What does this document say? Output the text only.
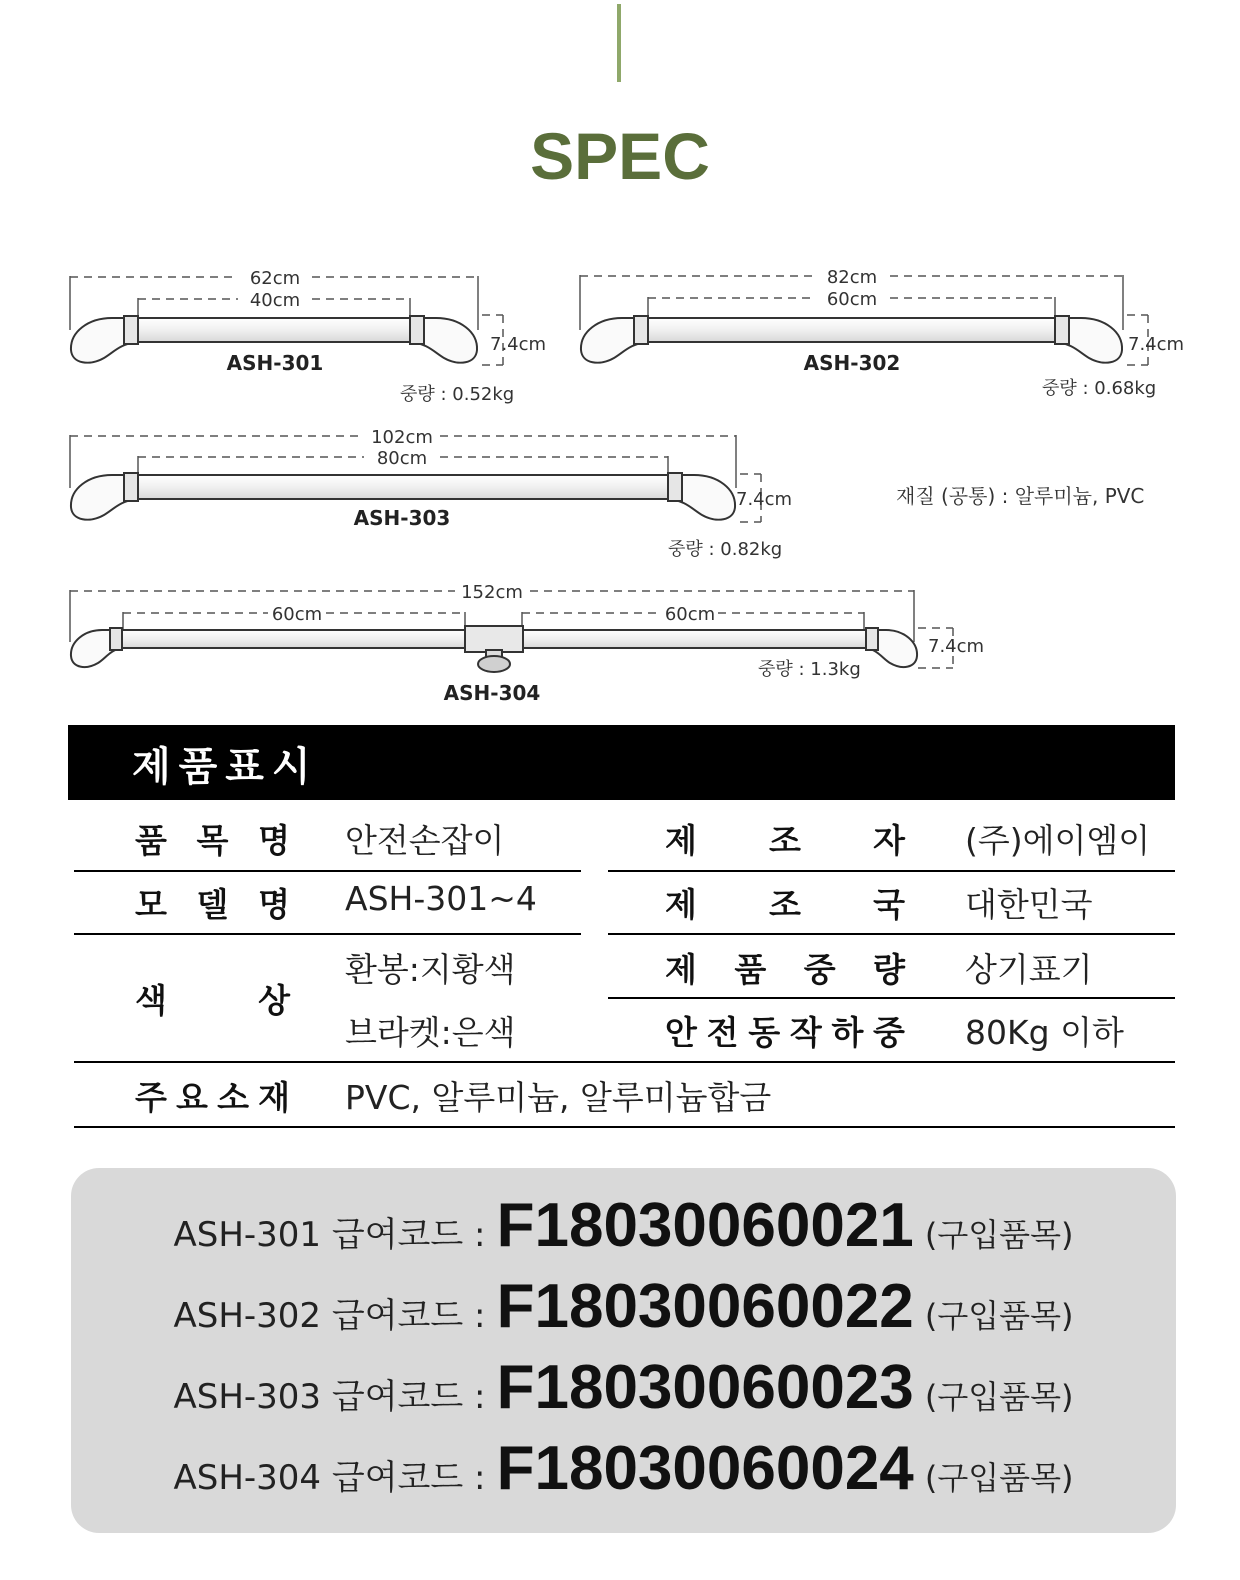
SPEC
62cm
40cm
7.4cm
ASH-301
중량 : 0.52kg
82cm
60cm
7.4cm
ASH-302
중량 : 0.68kg
102cm
80cm
7.4cm
ASH-303
중량 : 0.82kg
재질 (공통) : 알루미늄, PVC
152cm
60cm	60cm
7.4cm
ASH-304
중량 : 1.3kg
제품표시
품 목 명 안전손잡이
모 델 명 ASH-301~4
색	상
환봉:지황색
브라켓:은색
주 요 소 재 PVC, 알루미늄, 알루미늄합금
제 조 자 (주)에이엠이
제 조 국 대한민국
제 품 중 량 상기표기
안 전 동 작 하 중 80Kg 이하
ASH-301 급여코드 : F18030060021 (구입품목)
ASH-302 급여코드 : F18030060022 (구입품목)
ASH-303 급여코드 : F18030060023 (구입품목)
ASH-304 급여코드 : F18030060024 (구입품목)
